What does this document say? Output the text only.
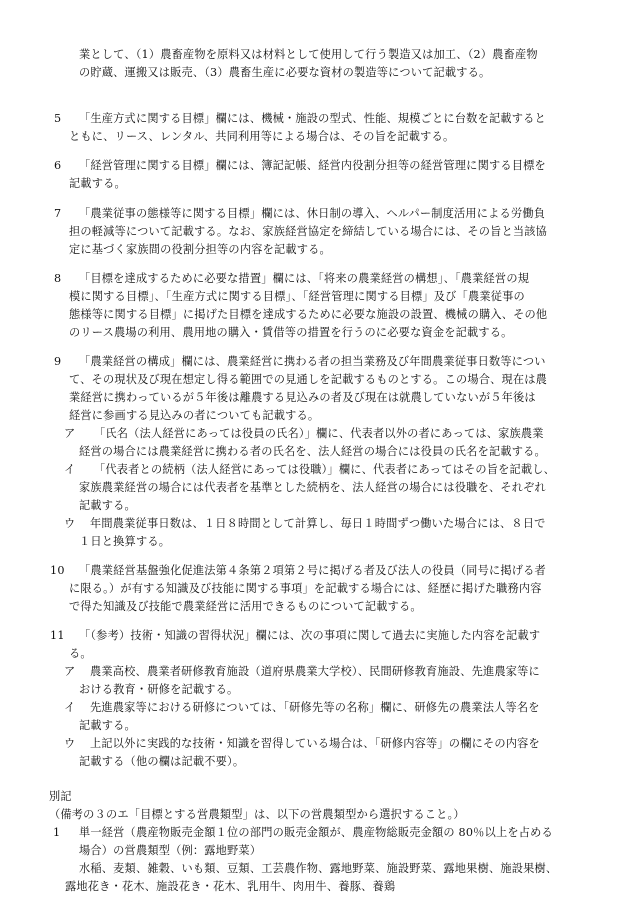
業として、（1）農畜産物を原料又は材料として使用して行う製造又は加工、（2）農畜産物
の貯蔵、運搬又は販売、（3）農畜生産に必要な資材の製造等について記載する。
5 「生産方式に関する目標」欄には、機械・施設の型式、性能、規模ごとに台数を記載すると
ともに、リース、レンタル、共同利用等による場合は、その旨を記載する。
6 「経営管理に関する目標」欄には、簿記記帳、経営内役割分担等の経営管理に関する目標を
記載する。
7 「農業従事の態様等に関する目標」欄には、休日制の導入、ヘルパー制度活用による労働負
担の軽減等について記載する。なお、家族経営協定を締結している場合には、その旨と当該協
定に基づく家族間の役割分担等の内容を記載する。
8 「目標を達成するために必要な措置」欄には、「将来の農業経営の構想」、「農業経営の規
模に関する目標」、「生産方式に関する目標」、「経営管理に関する目標」及び「農業従事の
態様等に関する目標」に掲げた目標を達成するために必要な施設の設置、機械の購入、その他
のリース農場の利用、農用地の購入・賃借等の措置を行うのに必要な資金を記載する。
9 「農業経営の構成」欄には、農業経営に携わる者の担当業務及び年間農業従事日数等につい
て、その現状及び現在想定し得る範囲での見通しを記載するものとする。この場合、現在は農
業経営に携わっているが５年後は離農する見込みの者及び現在は就農していないが５年後は
経営に参画する見込みの者についても記載する。
ア 「氏名（法人経営にあっては役員の氏名）」欄に、代表者以外の者にあっては、家族農業
経営の場合には農業経営に携わる者の氏名を、法人経営の場合には役員の氏名を記載する。
イ 「代表者との続柄（法人経営にあっては役職）」欄に、代表者にあってはその旨を記載し、
家族農業経営の場合には代表者を基準とした続柄を、法人経営の場合には役職を、それぞれ
記載する。
ウ 年間農業従事日数は、１日８時間として計算し、毎日１時間ずつ働いた場合には、８日で
１日と換算する。
10 「農業経営基盤強化促進法第４条第２項第２号に掲げる者及び法人の役員（同号に掲げる者
に限る。）が有する知識及び技能に関する事項」を記載する場合には、経歴に掲げた職務内容
で得た知識及び技能で農業経営に活用できるものについて記載する。
11 「（参考）技術・知識の習得状況」欄には、次の事項に関して過去に実施した内容を記載す
る。
ア 農業高校、農業者研修教育施設（道府県農業大学校）、民間研修教育施設、先進農家等に
おける教育・研修を記載する。
イ 先進農家等における研修については、「研修先等の名称」欄に、研修先の農業法人等名を
記載する。
ウ 上記以外に実践的な技術・知識を習得している場合は、「研修内容等」の欄にその内容を
記載する（他の欄は記載不要）。
別記
（備考の３のエ「目標とする営農類型」は、以下の営農類型から選択すること。）
1 単一経営（農産物販売金額１位の部門の販売金額が、農産物総販売金額の 80％以上を占める
場合）の営農類型（例：露地野菜）
水稲、麦類、雑穀、いも類、豆類、工芸農作物、露地野菜、施設野菜、露地果樹、施設果樹、
露地花き・花木、施設花き・花木、乳用牛、肉用牛、養豚、養鶏
